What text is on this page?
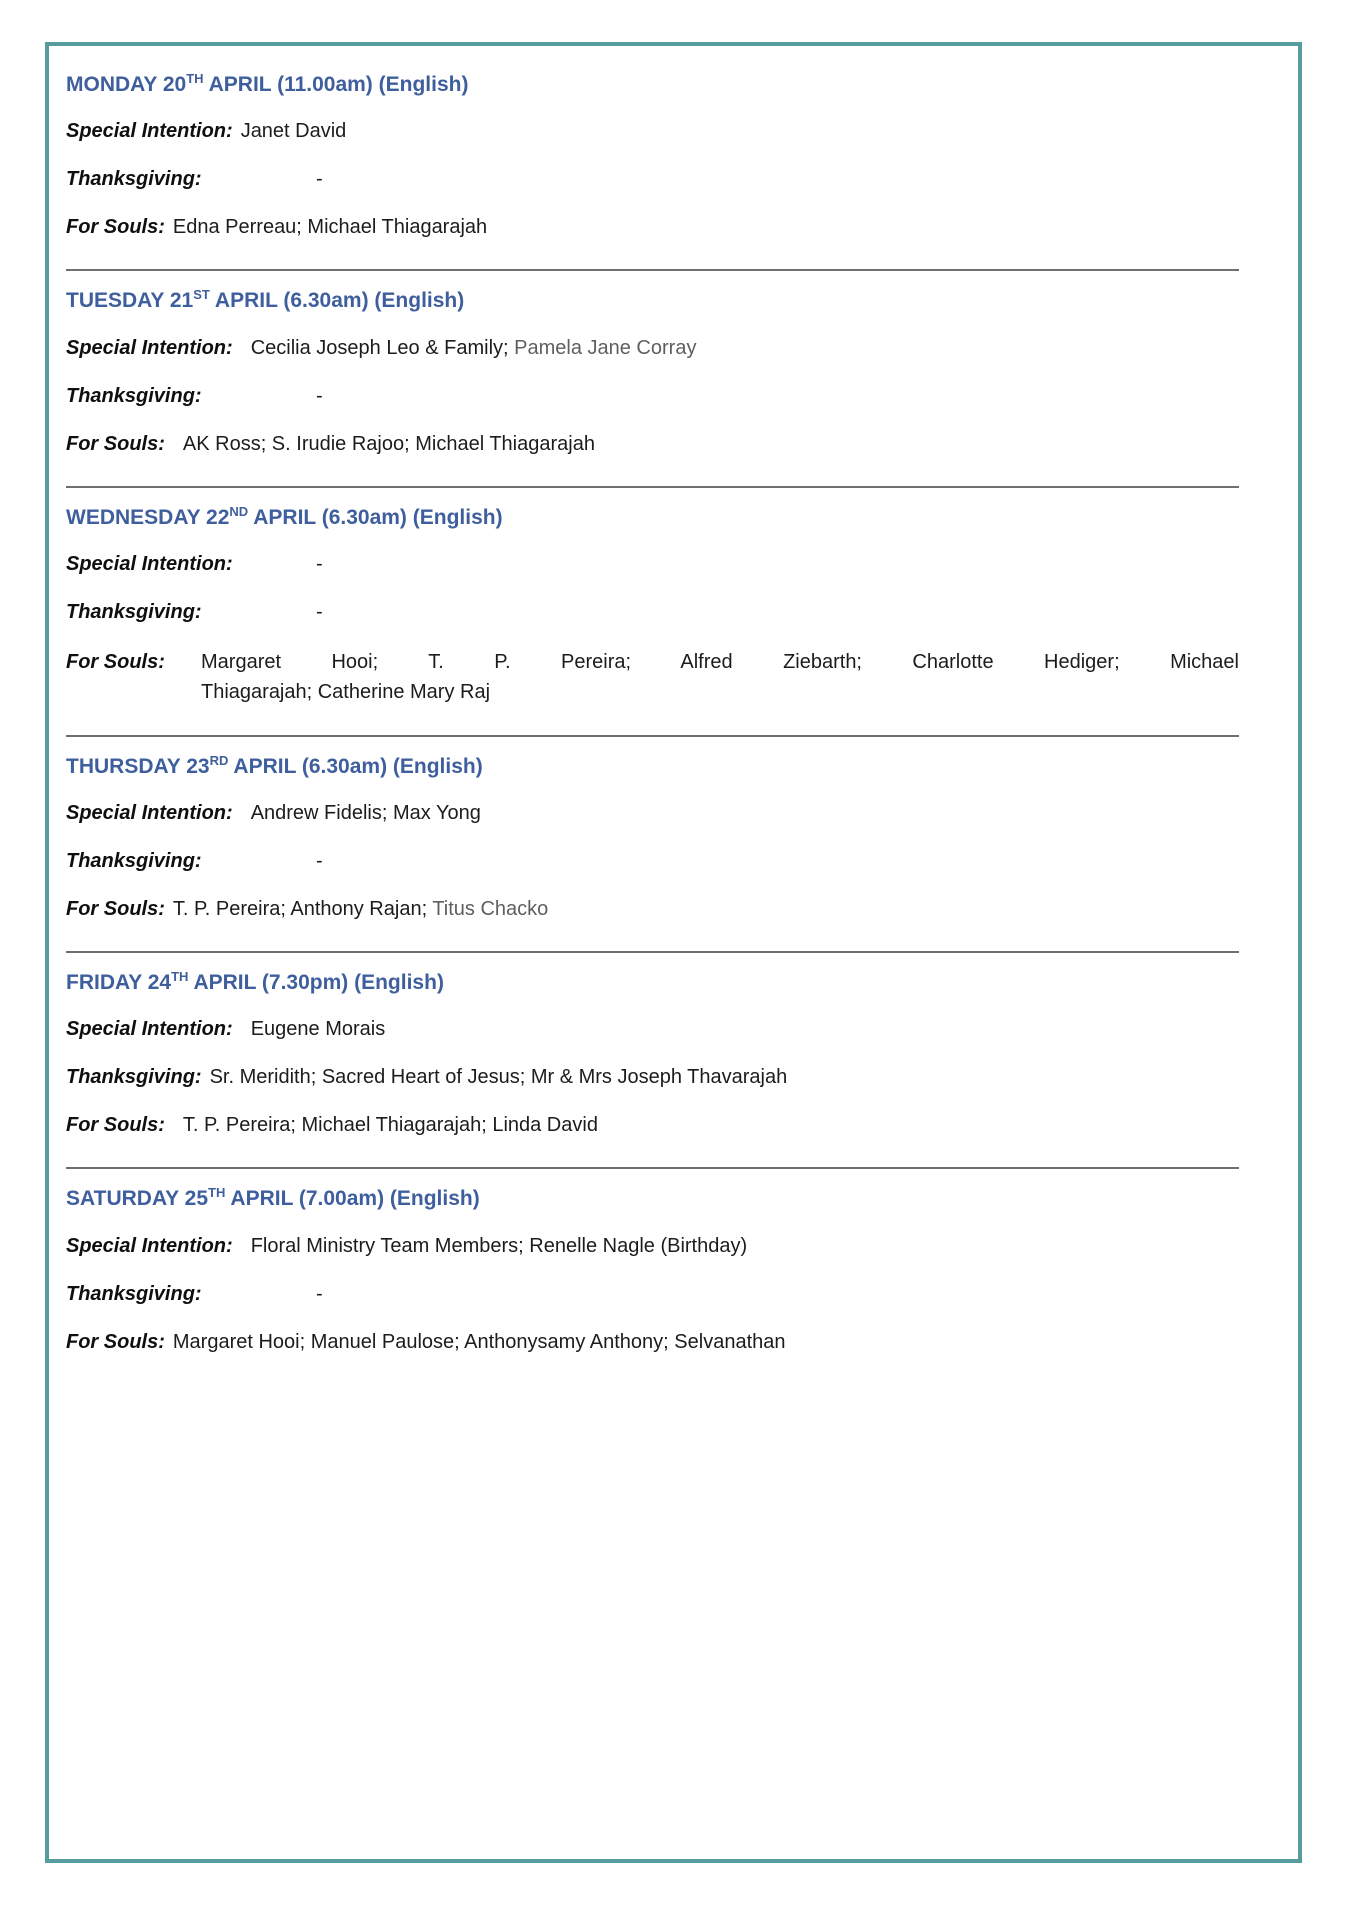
MONDAY 20TH APRIL (11.00am) (English)
Special Intention: Janet David
Thanksgiving:	-
For Souls: Edna Perreau; Michael Thiagarajah
TUESDAY 21ST APRIL (6.30am) (English)
Special Intention: Cecilia Joseph Leo & Family; Pamela Jane Corray
Thanksgiving:	-
For Souls: AK Ross; S. Irudie Rajoo; Michael Thiagarajah
WEDNESDAY 22ND APRIL (6.30am) (English)
Special Intention:	-
Thanksgiving:	-
For Souls:	Margaret Hooi; T. P. Pereira; Alfred Ziebarth; Charlotte Hediger; Michael
Thiagarajah; Catherine Mary Raj
THURSDAY 23RD APRIL (6.30am) (English)
Special Intention: Andrew Fidelis; Max Yong
Thanksgiving:	-
For Souls: T. P. Pereira; Anthony Rajan; Titus Chacko
FRIDAY 24TH APRIL (7.30pm) (English)
Special Intention: Eugene Morais
Thanksgiving: Sr. Meridith; Sacred Heart of Jesus; Mr & Mrs Joseph Thavarajah
For Souls: T. P. Pereira; Michael Thiagarajah; Linda David
SATURDAY 25TH APRIL (7.00am) (English)
Special Intention: Floral Ministry Team Members; Renelle Nagle (Birthday)
Thanksgiving:	-
For Souls: Margaret Hooi; Manuel Paulose; Anthonysamy Anthony; Selvanathan
